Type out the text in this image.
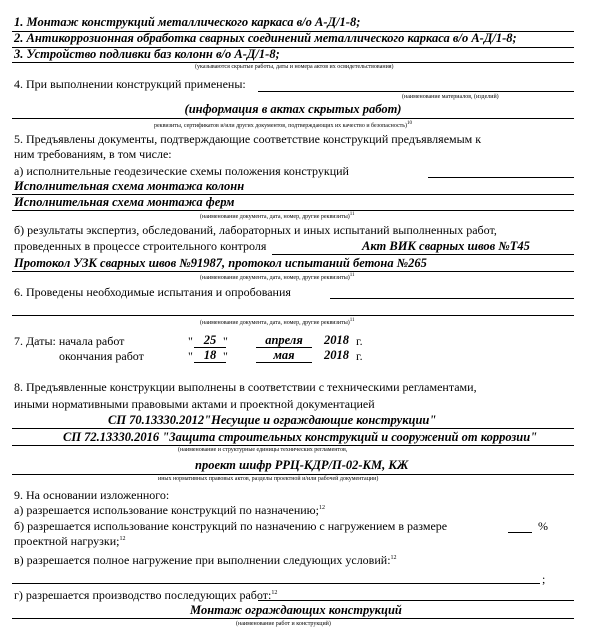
1. Монтаж конструкций металлического каркаса в/о А-Д/1-8;
2. Антикоррозионная обработка сварных соединений металлического каркаса в/о А-Д/1-8;
3. Устройство подливки баз колонн в/о А-Д/1-8;
(указываются скрытые работы, даты и номера актов их освидетельствования)
4. При выполнении конструкций применены:
(наименование материалов, (изделий)
(информация в актах скрытых работ)
реквизиты, сертификатов и/или других документов, подтверждающих их качество и безопасность)$^{10}$
5. Предъявлены документы, подтверждающие соответствие конструкций предъявляемым к
ним требованиям, в том числе:
а) исполнительные геодезические схемы положения конструкций
Исполнительная схема монтажа колонн
Исполнительная схема монтажа ферм
(наименование документа, дата, номер, другие реквизиты)$^{11}$
б) результаты экспертиз, обследований, лабораторных и иных испытаний выполненных работ,
проведенных в процессе строительного контроля	Акт ВИК сварных швов №Т45
Протокол УЗК сварных швов №91987, протокол испытаний бетона №265
(наименование документа, дата, номер, другие реквизиты)$^{11}$
6. Проведены необходимые испытания и опробования
(наименование документа, дата, номер, другие реквизиты)$^{11}$
7. Даты: начала работ	" 25 "	апреля	2018 г.
окончания работ	" 18 "	мая	2018 г.
8. Предъявленные конструкции выполнены в соответствии с техническими регламентами,
иными нормативными правовыми актами и проектной документацией
СП 70.13330.2012"Несущие и ограждающие конструкции"
СП 72.13330.2016 "Защита строительных конструкций и сооружений от коррозии"
(наименование и структурные единицы технических регламентов,
проект шифр РРЦ-КДР/П-02-КМ, КЖ
иных нормативных правовых актов, разделы проектной и/или рабочей документации)
9. На основании изложенного:
а) разрешается использование конструкций по назначению;$^{12}$
б) разрешается использование конструкций по назначению с нагружением в размере	%
проектной нагрузки;$^{12}$
в) разрешается полное нагружение при выполнении следующих условий:$^{12}$
;
г) разрешается производство последующих работ:$^{12}$
Монтаж ограждающих конструкций
(наименование работ и конструкций)
